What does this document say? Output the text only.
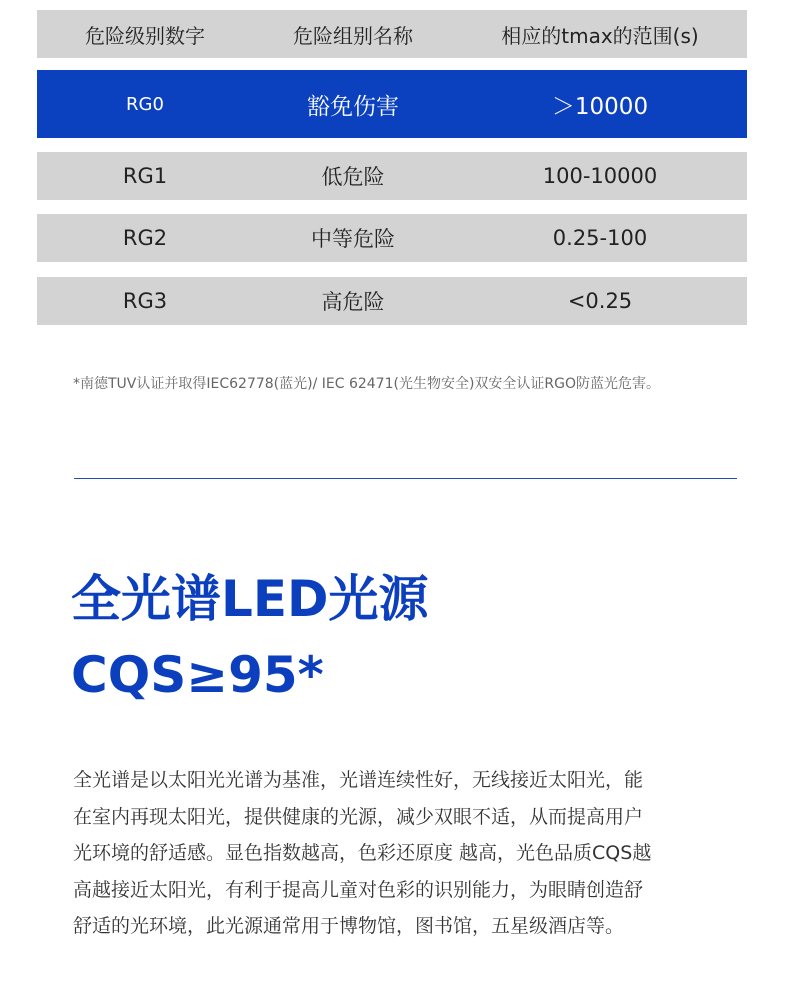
危险级别数字	危险组别名称	相应的tmax的范围(s)
RG0	豁免伤害	＞10000
RG1	低危险	100-10000
RG2	中等危险	0.25-100
RG3	高危险	<0.25
*南德TUV认证并取得IEC62778(蓝光)/ IEC 62471(光生物安全)双安全认证RGO防蓝光危害。
全光谱LED光源
CQS≥95*
全光谱是以太阳光光谱为基准，光谱连续性好，无线接近太阳光，能
在室内再现太阳光，提供健康的光源，减少双眼不适，从而提高用户
光环境的舒适感。显色指数越高，色彩还原度 越高，光色品质CQS越
高越接近太阳光，有利于提高儿童对色彩的识别能力，为眼睛创造舒
舒适的光环境，此光源通常用于博物馆，图书馆，五星级酒店等。
